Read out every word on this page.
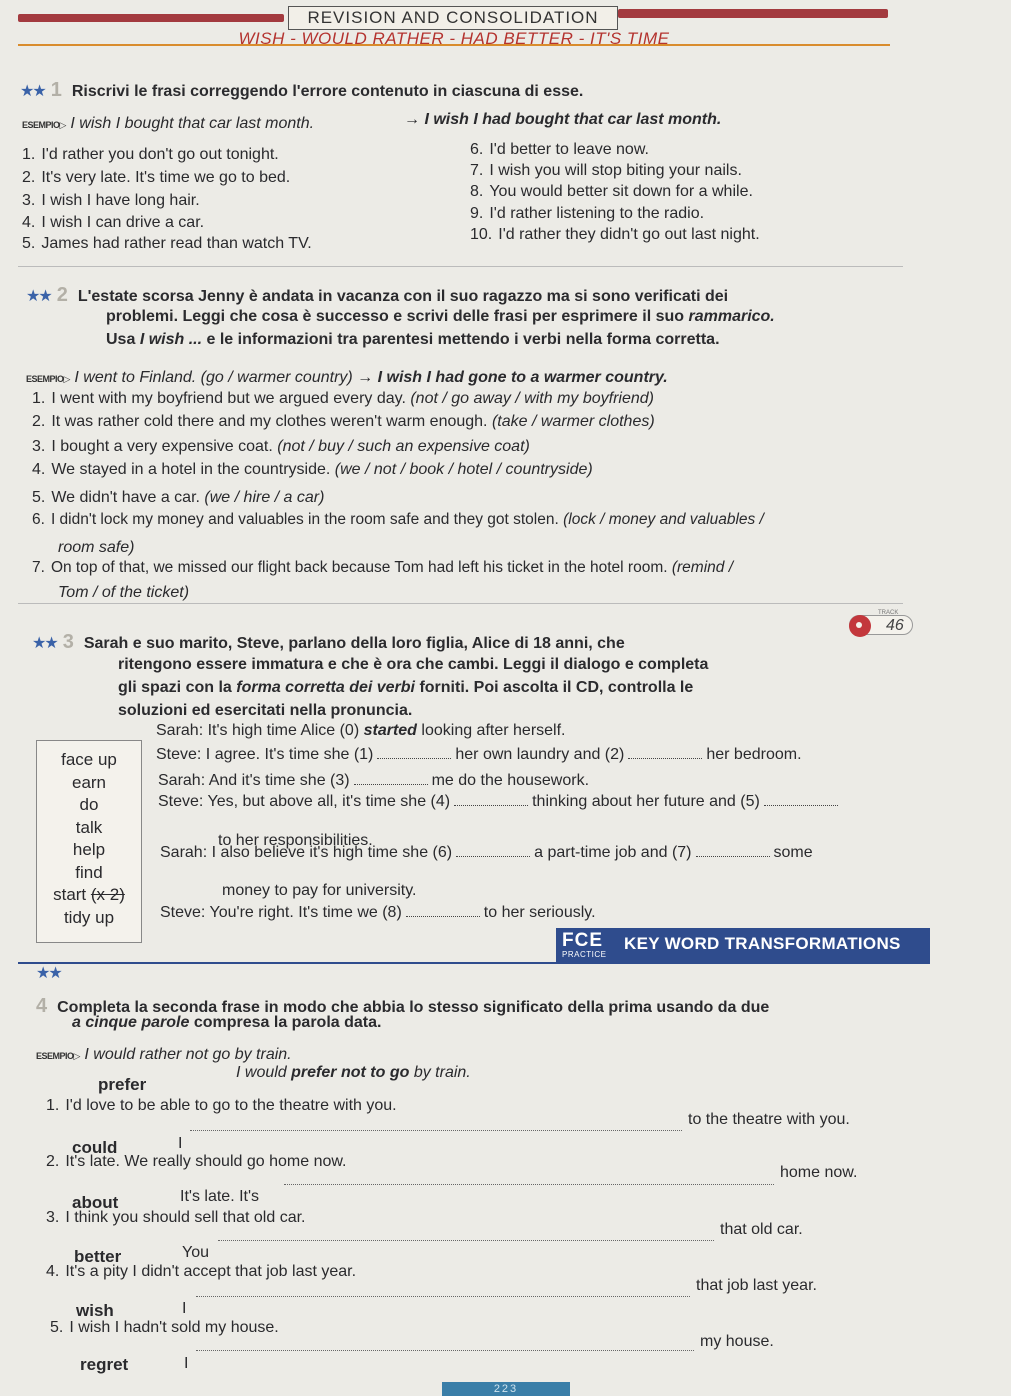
REVISION AND CONSOLIDATION
WISH - WOULD RATHER - HAD BETTER - IT'S TIME
★★ 1 Riscrivi le frasi correggendo l'errore contenuto in ciascuna di esse.
ESEMPIO▷ I wish I bought that car last month.	→ I wish I had bought that car last month.
1. I'd rather you don't go out tonight.
2. It's very late. It's time we go to bed.
3. I wish I have long hair.
4. I wish I can drive a car.
5. James had rather read than watch TV.
6. I'd better to leave now.
7. I wish you will stop biting your nails.
8. You would better sit down for a while.
9. I'd rather listening to the radio.
10. I'd rather they didn't go out last night.
★★ 2 L'estate scorsa Jenny è andata in vacanza con il suo ragazzo ma si sono verificati dei
problemi. Leggi che cosa è successo e scrivi delle frasi per esprimere il suo rammarico.
Usa I wish ... e le informazioni tra parentesi mettendo i verbi nella forma corretta.
ESEMPIO▷ I went to Finland. (go / warmer country) → I wish I had gone to a warmer country.
1. I went with my boyfriend but we argued every day. (not / go away / with my boyfriend)
2. It was rather cold there and my clothes weren't warm enough. (take / warmer clothes)
3. I bought a very expensive coat. (not / buy / such an expensive coat)
4. We stayed in a hotel in the countryside. (we / not / book / hotel / countryside)
5. We didn't have a car. (we / hire / a car)
6. I didn't lock my money and valuables in the room safe and they got stolen. (lock / money and valuables /
room safe)
7. On top of that, we missed our flight back because Tom had left his ticket in the hotel room. (remind /
Tom / of the ticket)
★★ 3 Sarah e suo marito, Steve, parlano della loro figlia, Alice di 18 anni, che
TRACK
46
ritengono essere immatura e che è ora che cambi. Leggi il dialogo e completa
gli spazi con la forma corretta dei verbi forniti. Poi ascolta il CD, controlla le
soluzioni ed esercitati nella pronuncia.
face up
earn
do
talk
help
find
start (x 2)
tidy up
Sarah: It's high time Alice (0) started looking after herself.
Steve: I agree. It's time she (1)	her own laundry and (2)	her bedroom.
Sarah: And it's time she (3)	me do the housework.
Steve: Yes, but above all, it's time she (4)	thinking about her future and (5)
to her responsibilities.
Sarah: I also believe it's high time she (6)	a part-time job and (7)	some
money to pay for university.
Steve: You're right. It's time we (8)	to her seriously.
FCE
PRACTICE
KEY WORD TRANSFORMATIONS
★★
4 Completa la seconda frase in modo che abbia lo stesso significato della prima usando da due
a cinque parole compresa la parola data.
ESEMPIO▷ I would rather not go by train.
prefer
I would prefer not to go by train.
1. I'd love to be able to go to the theatre with you.
could	I
to the theatre with you.
2. It's late. We really should go home now.
about	It's late. It's
home now.
3. I think you should sell that old car.
better	You
that old car.
4. It's a pity I didn't accept that job last year.
wish	I
that job last year.
5. I wish I hadn't sold my house.
regret	I
my house.
223
